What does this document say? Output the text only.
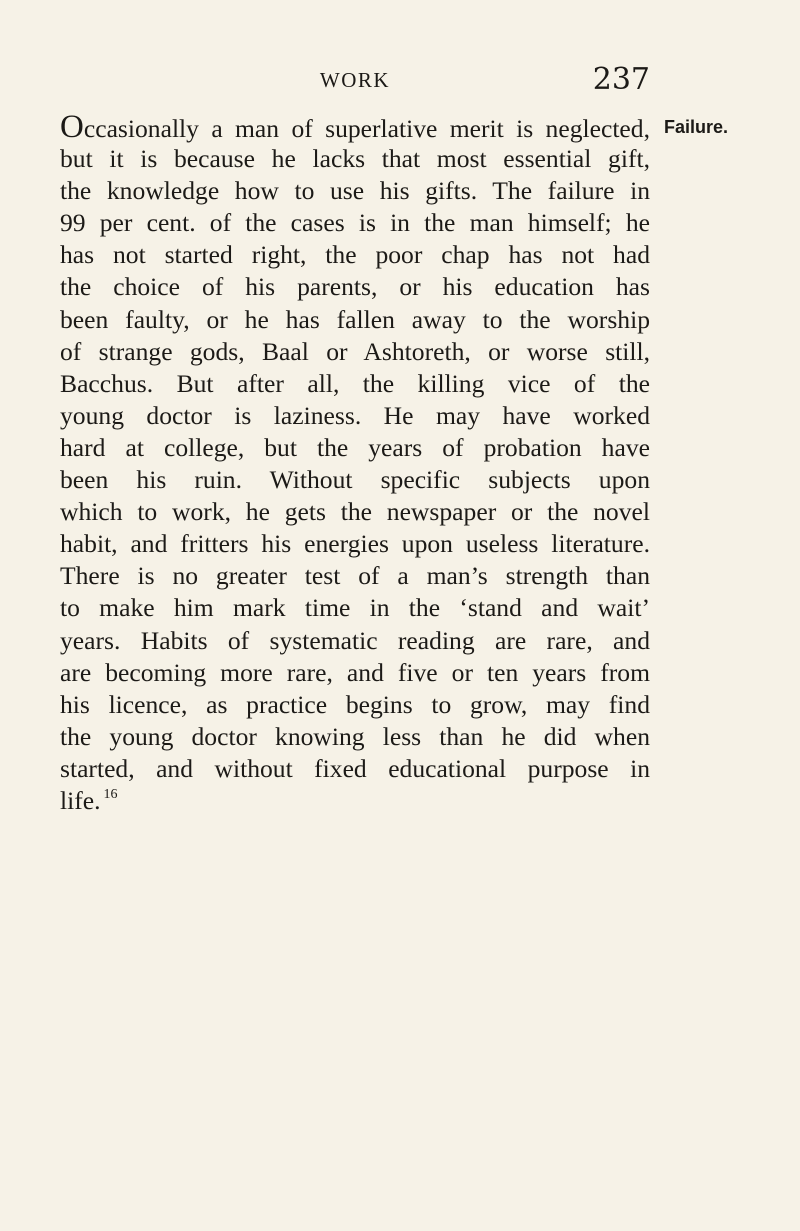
WORK	237
Failure.
Occasionally a man of superlative merit is neglected,
but it is because he lacks that most essential gift,
the knowledge how to use his gifts. The failure in
99 per cent. of the cases is in the man himself; he
has not started right, the poor chap has not had
the choice of his parents, or his education has
been faulty, or he has fallen away to the worship
of strange gods, Baal or Ashtoreth, or worse still,
Bacchus. But after all, the killing vice of the
young doctor is laziness. He may have worked
hard at college, but the years of probation have
been his ruin. Without specific subjects upon
which to work, he gets the newspaper or the novel
habit, and fritters his energies upon useless literature.
There is no greater test of a man’s strength than
to make him mark time in the ‘stand and wait’
years. Habits of systematic reading are rare, and
are becoming more rare, and five or ten years from
his licence, as practice begins to grow, may find
the young doctor knowing less than he did when
started, and without fixed educational purpose in
life. $^{16}$
